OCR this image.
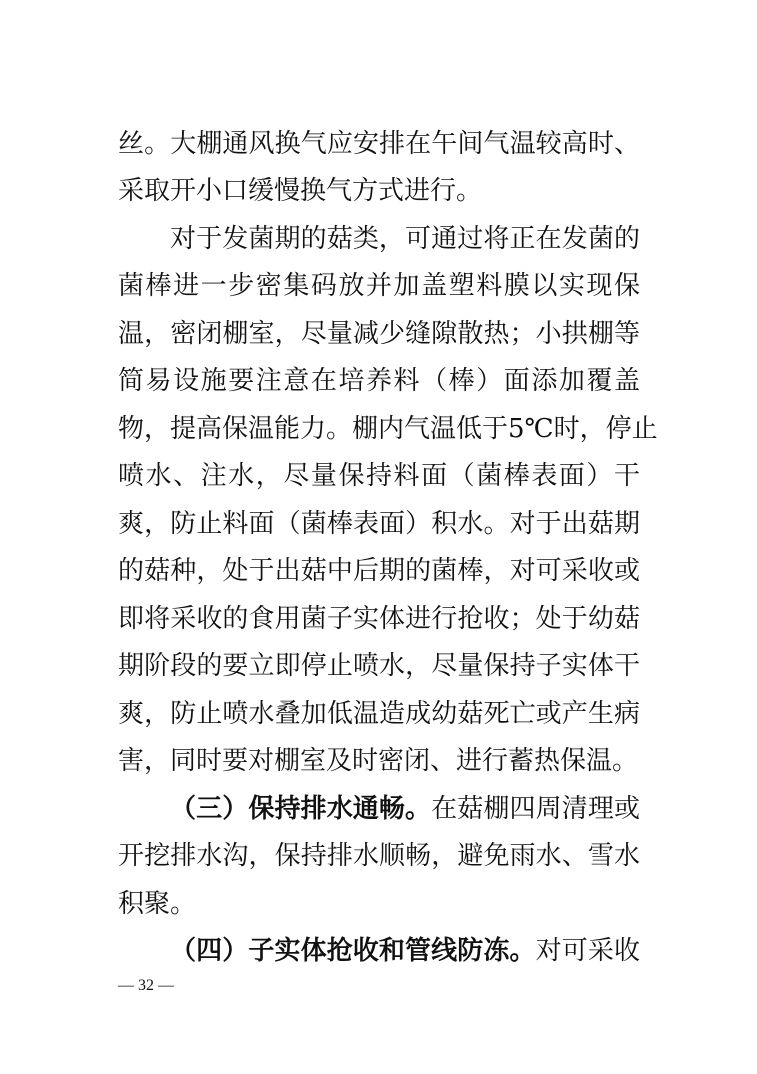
丝。大棚通风换气应安排在午间气温较高时、
采取开小口缓慢换气方式进行。
对于发菌期的菇类，可通过将正在发菌的
菌棒进一步密集码放并加盖塑料膜以实现保
温，密闭棚室，尽量减少缝隙散热；小拱棚等
简易设施要注意在培养料（棒）面添加覆盖
物，提高保温能力。棚内气温低于5℃时，停止
喷水、注水，尽量保持料面（菌棒表面）干
爽，防止料面（菌棒表面）积水。对于出菇期
的菇种，处于出菇中后期的菌棒，对可采收或
即将采收的食用菌子实体进行抢收；处于幼菇
期阶段的要立即停止喷水，尽量保持子实体干
爽，防止喷水叠加低温造成幼菇死亡或产生病
害，同时要对棚室及时密闭、进行蓄热保温。
（三）保持排水通畅。在菇棚四周清理或
开挖排水沟，保持排水顺畅，避免雨水、雪水
积聚。
（四）子实体抢收和管线防冻。对可采收
— 32 —
